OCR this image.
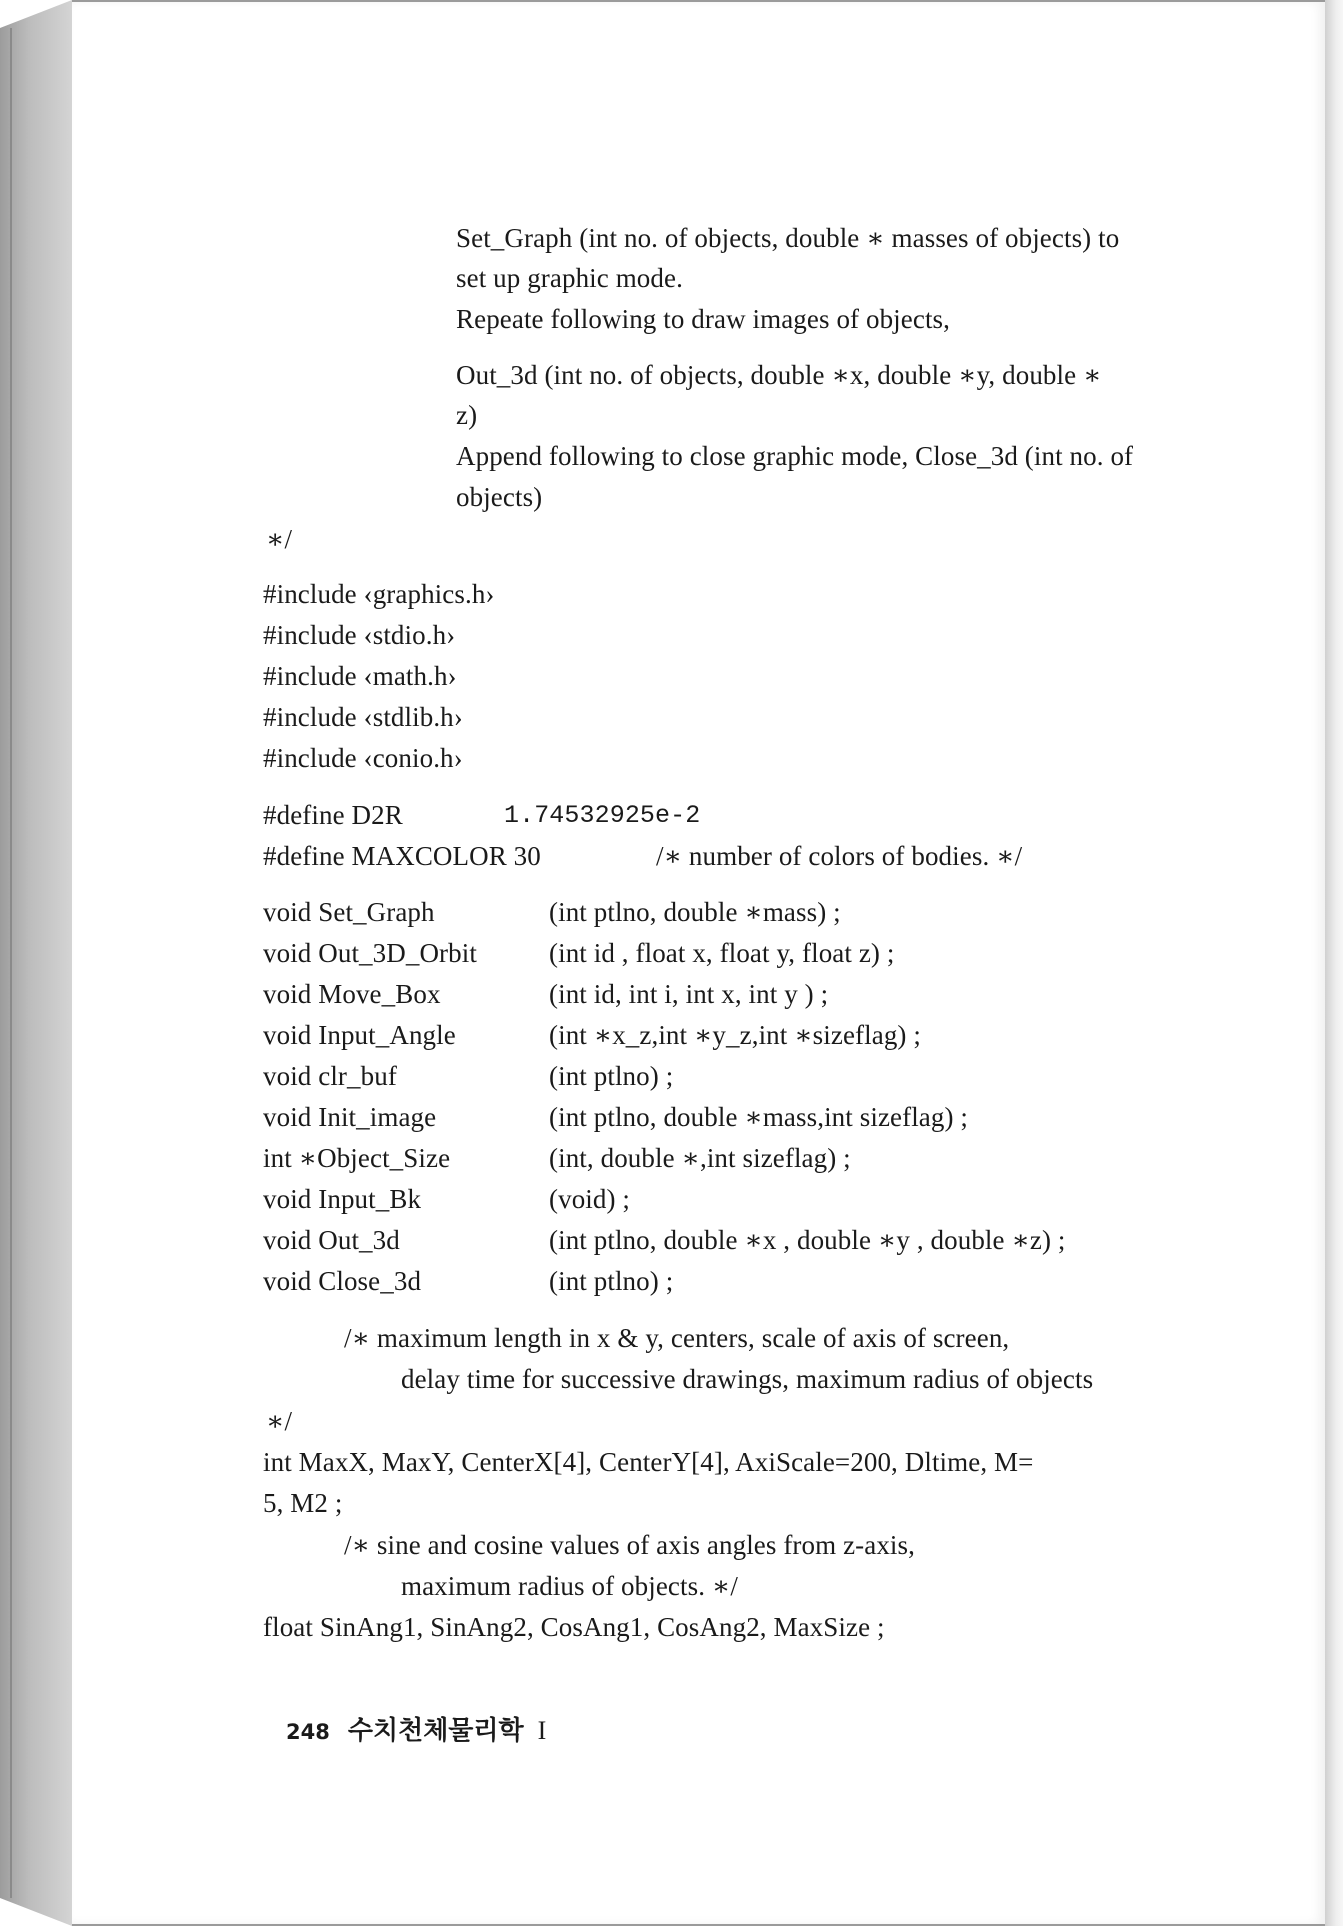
Set_Graph (int no. of objects, double ∗ masses of objects) to
set up graphic mode.
Repeate following to draw images of objects,
Out_3d (int no. of objects, double ∗x, double ∗y, double ∗
z)
Append following to close graphic mode, Close_3d (int no. of
objects)
∗/
#include ‹graphics.h›
#include ‹stdio.h›
#include ‹math.h›
#include ‹stdlib.h›
#include ‹conio.h›
#define D2R	1.74532925e-2
#define MAXCOLOR 30	/∗ number of colors of bodies. ∗/
void Set_Graph	(int ptlno, double ∗mass) ;
void Out_3D_Orbit	(int id , float x, float y, float z) ;
void Move_Box	(int id, int i, int x, int y ) ;
void Input_Angle	(int ∗x_z,int ∗y_z,int ∗sizeflag) ;
void clr_buf	(int ptlno) ;
void Init_image	(int ptlno, double ∗mass,int sizeflag) ;
int ∗Object_Size	(int, double ∗,int sizeflag) ;
void Input_Bk	(void) ;
void Out_3d	(int ptlno, double ∗x , double ∗y , double ∗z) ;
void Close_3d	(int ptlno) ;
/∗ maximum length in x & y, centers, scale of axis of screen,
delay time for successive drawings, maximum radius of objects
∗/
int MaxX, MaxY, CenterX[4], CenterY[4], AxiScale=200, Dltime, M=
5, M2 ;
/∗ sine and cosine values of axis angles from z-axis,
maximum radius of objects. ∗/
float SinAng1, SinAng2, CosAng1, CosAng2, MaxSize ;
248 수치천체물리학 I
